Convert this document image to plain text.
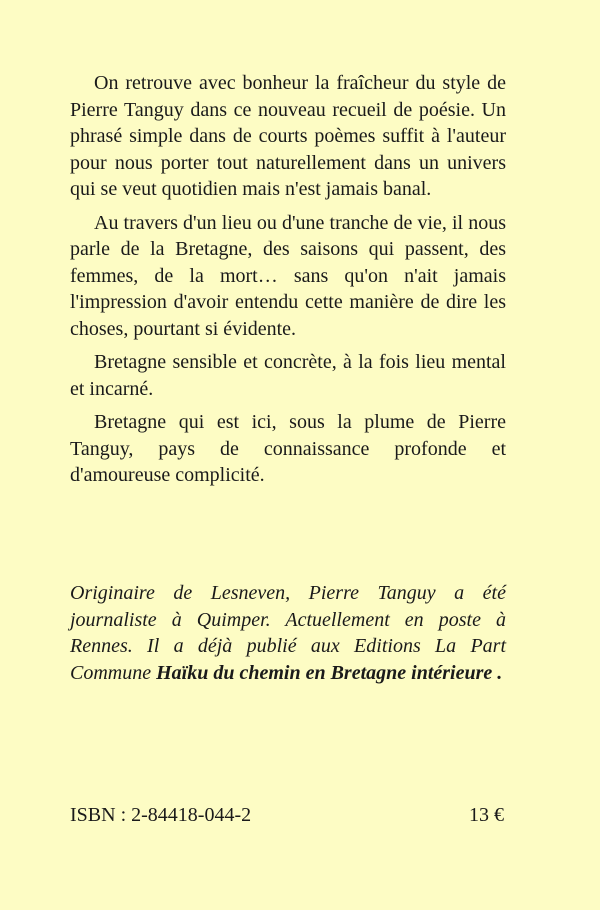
On retrouve avec bonheur la fraîcheur du style de Pierre Tanguy dans ce nouveau recueil de poésie. Un phrasé simple dans de courts poèmes suffit à l'auteur pour nous porter tout naturellement dans un univers qui se veut quotidien mais n'est jamais banal.

Au travers d'un lieu ou d'une tranche de vie, il nous parle de la Bretagne, des saisons qui passent, des femmes, de la mort… sans qu'on n'ait jamais l'impression d'avoir entendu cette manière de dire les choses, pourtant si évidente.

Bretagne sensible et concrète, à la fois lieu mental et incarné.

Bretagne qui est ici, sous la plume de Pierre Tanguy, pays de connaissance profonde et d'amoureuse complicité.

Originaire de Lesneven, Pierre Tanguy a été journaliste à Quimper. Actuellement en poste à Rennes. Il a déjà publié aux Editions La Part Commune Haïku du chemin en Bretagne intérieure .
ISBN : 2-84418-044-2	13 €
